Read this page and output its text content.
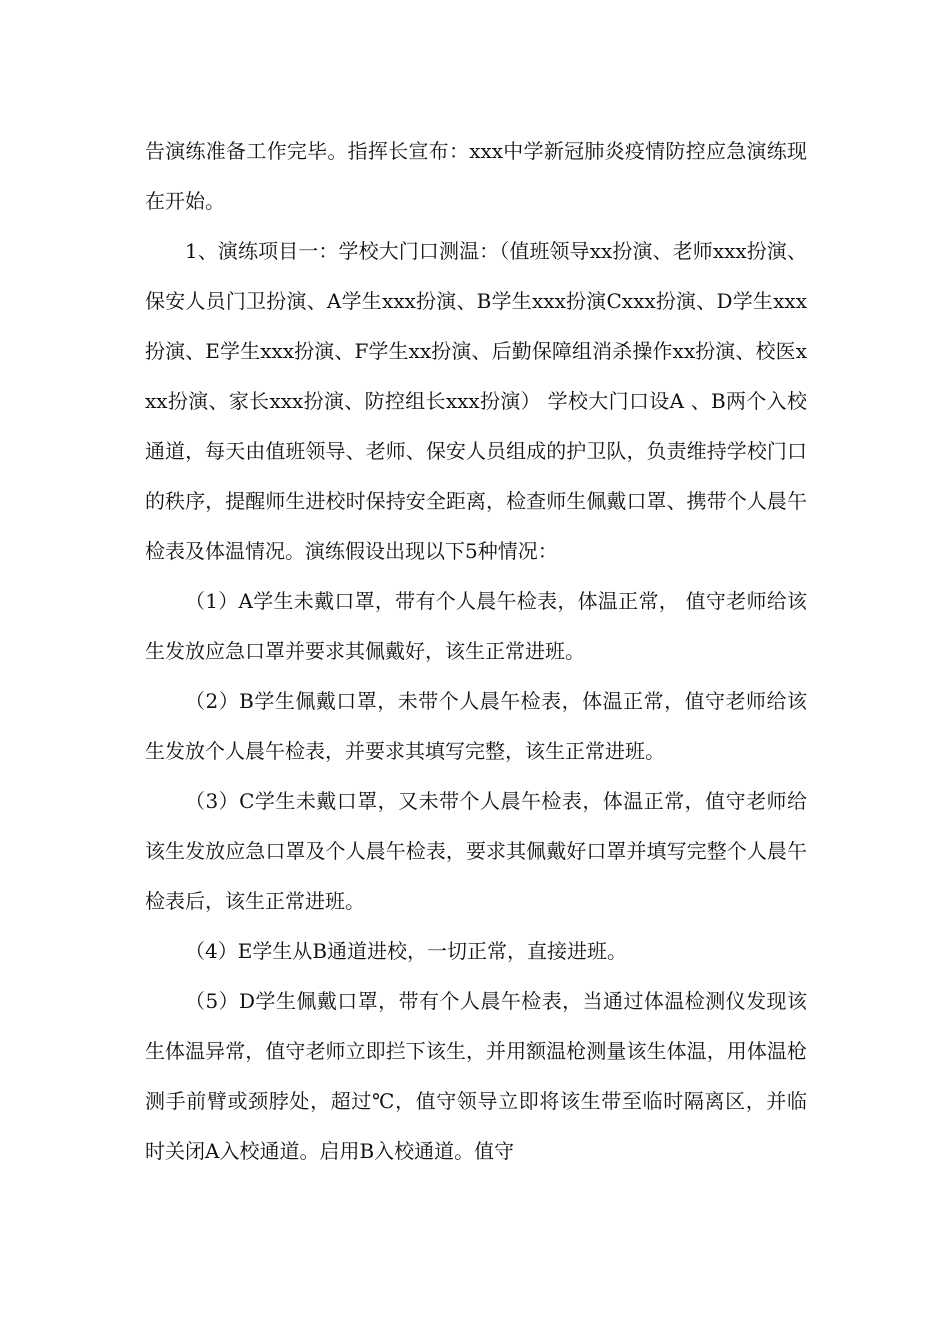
告演练准备工作完毕。指挥长宣布：xxx中学新冠肺炎疫情防控应急演练现在开始。

1、演练项目一：学校大门口测温：（值班领导xx扮演、老师xxx扮演、保安人员门卫扮演、A学生xxx扮演、B学生xxx扮演Cxxx扮演、D学生xxx扮演、E学生xxx扮演、F学生xx扮演、后勤保障组消杀操作xx扮演、校医xxx扮演、家长xxx扮演、防控组长xxx扮演） 学校大门口设A 、B两个入校通道，每天由值班领导、老师、保安人员组成的护卫队，负责维持学校门口的秩序，提醒师生进校时保持安全距离，检查师生佩戴口罩、携带个人晨午检表及体温情况。演练假设出现以下5种情况：

（1）A学生未戴口罩，带有个人晨午检表，体温正常， 值守老师给该生发放应急口罩并要求其佩戴好，该生正常进班。

（2）B学生佩戴口罩，未带个人晨午检表，体温正常，值守老师给该生发放个人晨午检表，并要求其填写完整，该生正常进班。

（3）C学生未戴口罩，又未带个人晨午检表，体温正常，值守老师给该生发放应急口罩及个人晨午检表，要求其佩戴好口罩并填写完整个人晨午检表后，该生正常进班。

（4）E学生从B通道进校，一切正常，直接进班。

（5）D学生佩戴口罩，带有个人晨午检表，当通过体温检测仪发现该生体温异常，值守老师立即拦下该生，并用额温枪测量该生体温，用体温枪测手前臂或颈脖处，超过℃，值守领导立即将该生带至临时隔离区，并临时关闭A入校通道。启用B入校通道。值守
